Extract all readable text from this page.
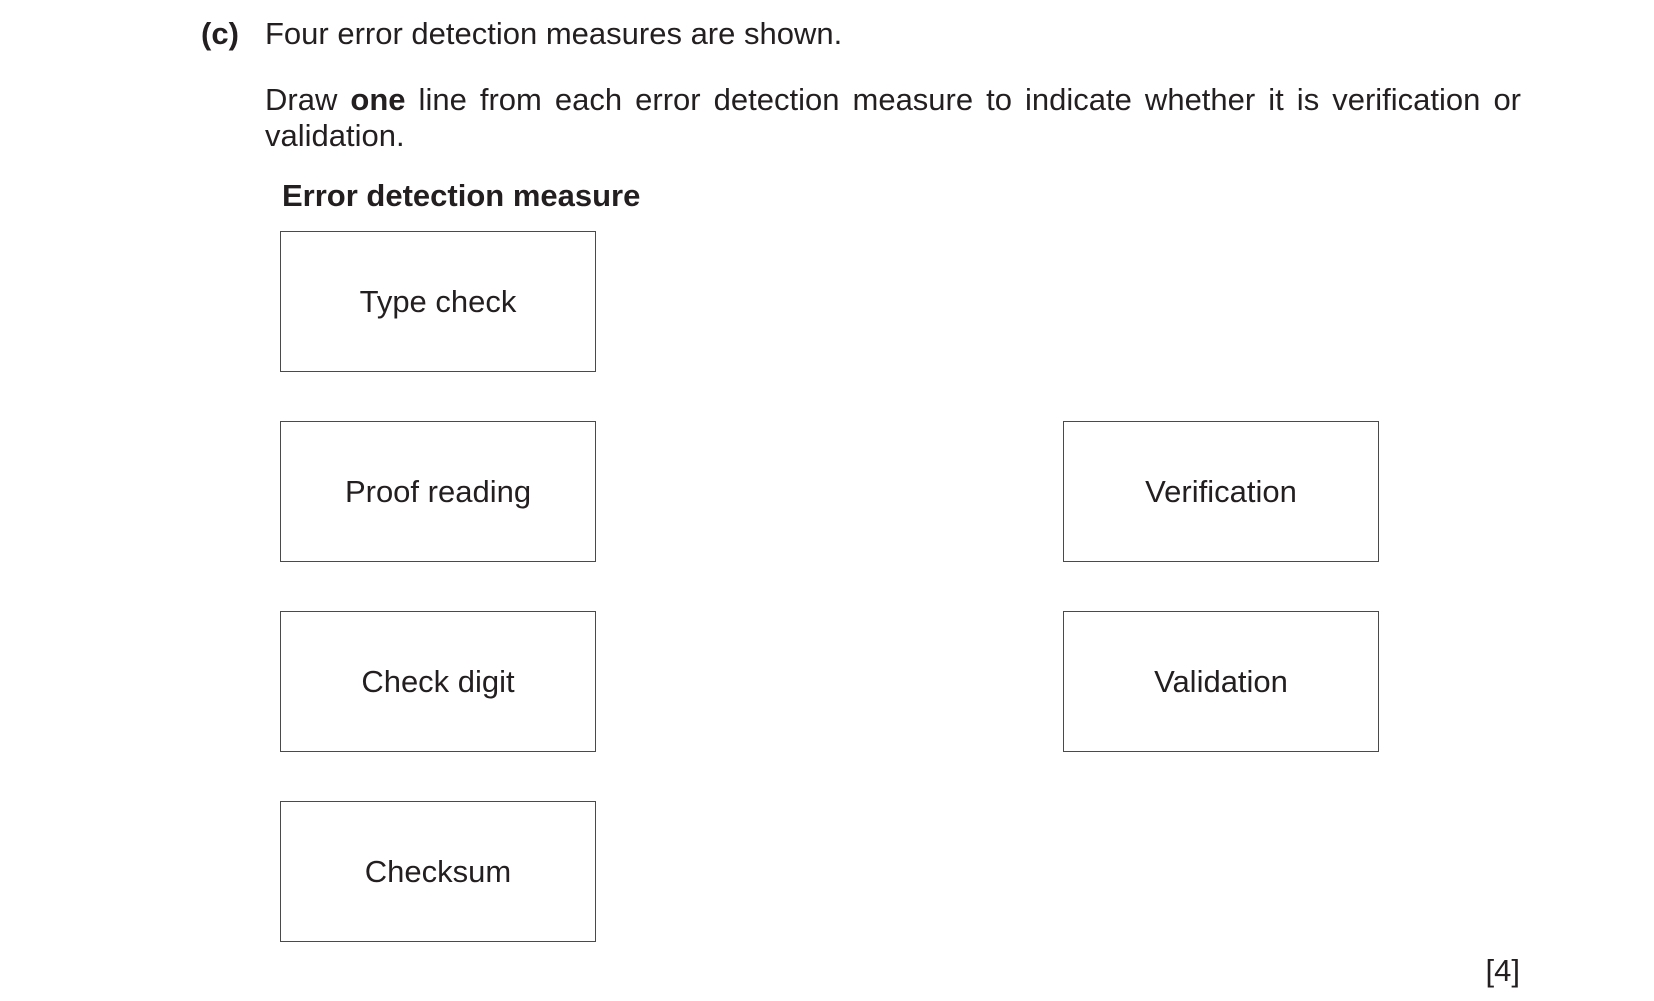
(c) Four error detection measures are shown.
Draw one line from each error detection measure to indicate whether it is verification or validation.
Error detection measure
Type check
Proof reading
Check digit
Checksum
Verification
Validation
[4]
